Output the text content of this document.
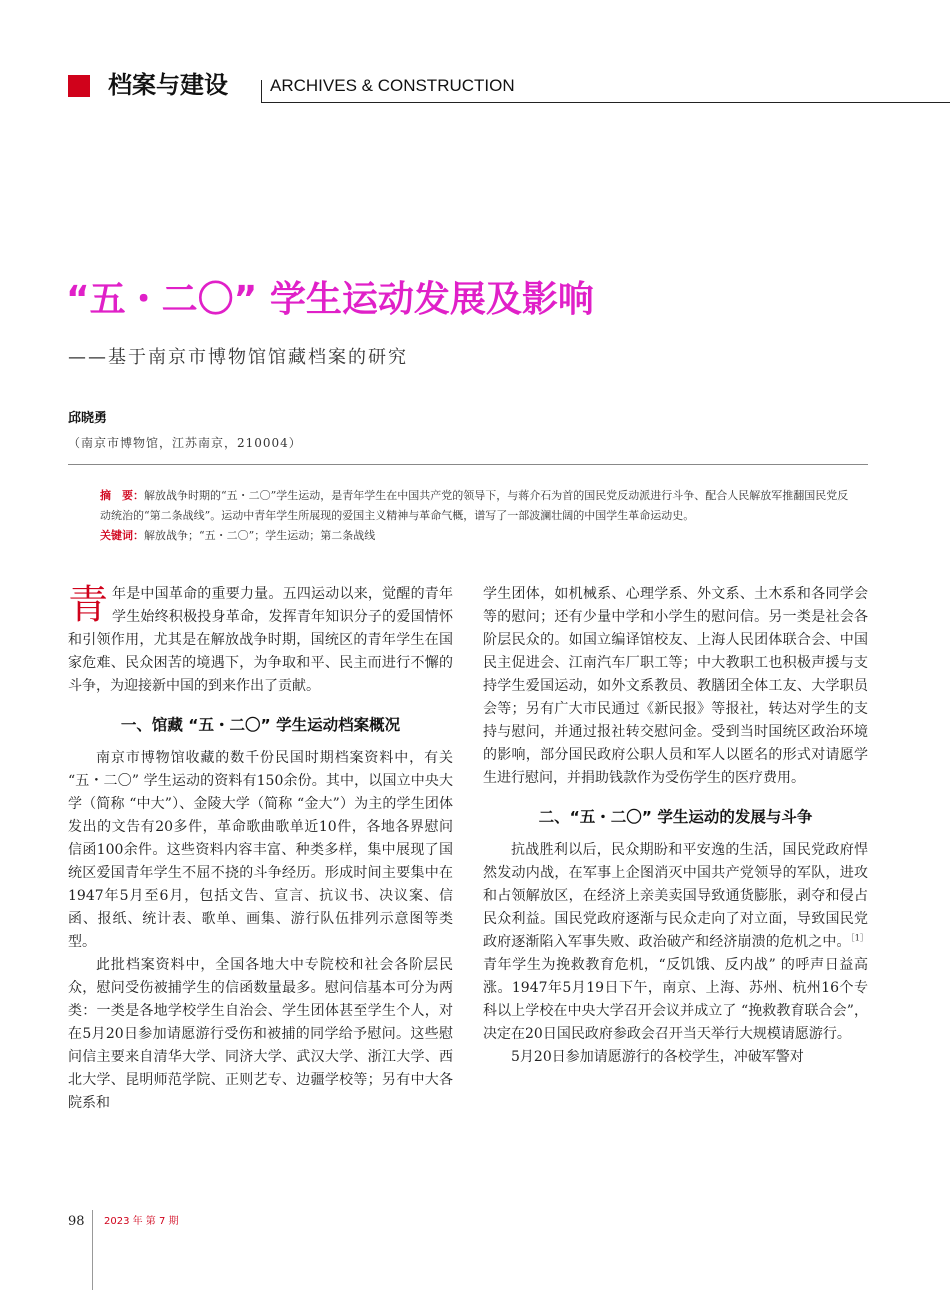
档案与建设 ARCHIVES & CONSTRUCTION
“五・二〇” 学生运动发展及影响
——基于南京市博物馆馆藏档案的研究
邱晓勇
（南京市博物馆，江苏南京，210004）

摘　要：解放战争时期的“五・二〇”学生运动，是青年学生在中国共产党的领导下，与蒋介石为首的国民党反动派进行斗争、配合人民解放军推翻国民党反动统治的“第二条战线”。运动中青年学生所展现的爱国主义精神与革命气概，谱写了一部波澜壮阔的中国学生革命运动史。

关键词：解放战争；“五・二〇”；学生运动；第二条战线

青年是中国革命的重要力量。五四运动以来，觉醒的青年学生始终积极投身革命，发挥青年知识分子的爱国情怀和引领作用，尤其是在解放战争时期，国统区的青年学生在国家危难、民众困苦的境遇下，为争取和平、民主而进行不懈的斗争，为迎接新中国的到来作出了贡献。

一、馆藏 “五・二〇” 学生运动档案概况

南京市博物馆收藏的数千份民国时期档案资料中，有关 “五・二〇” 学生运动的资料有150余份。其中，以国立中央大学（简称 “中大”）、金陵大学（简称 “金大”）为主的学生团体发出的文告有20多件，革命歌曲歌单近10件，各地各界慰问信函100余件。这些资料内容丰富、种类多样，集中展现了国统区爱国青年学生不屈不挠的斗争经历。形成时间主要集中在1947年5月至6月，包括文告、宣言、抗议书、决议案、信函、报纸、统计表、歌单、画集、游行队伍排列示意图等类型。

此批档案资料中，全国各地大中专院校和社会各阶层民众，慰问受伤被捕学生的信函数量最多。慰问信基本可分为两类：一类是各地学校学生自治会、学生团体甚至学生个人，对在5月20日参加请愿游行受伤和被捕的同学给予慰问。这些慰问信主要来自清华大学、同济大学、武汉大学、浙江大学、西北大学、昆明师范学院、正则艺专、边疆学校等；另有中大各院系和

学生团体，如机械系、心理学系、外文系、土木系和各同学会等的慰问；还有少量中学和小学生的慰问信。另一类是社会各阶层民众的。如国立编译馆校友、上海人民团体联合会、中国民主促进会、江南汽车厂职工等；中大教职工也积极声援与支持学生爱国运动，如外文系教员、教膳团全体工友、大学职员会等；另有广大市民通过《新民报》等报社，转达对学生的支持与慰问，并通过报社转交慰问金。受到当时国统区政治环境的影响，部分国民政府公职人员和军人以匿名的形式对请愿学生进行慰问，并捐助钱款作为受伤学生的医疗费用。

二、“五・二〇” 学生运动的发展与斗争

抗战胜利以后，民众期盼和平安逸的生活，国民党政府悍然发动内战，在军事上企图消灭中国共产党领导的军队，进攻和占领解放区，在经济上亲美卖国导致通货膨胀，剥夺和侵占民众利益。国民党政府逐渐与民众走向了对立面，导致国民党政府逐渐陷入军事失败、政治破产和经济崩溃的危机之中。$^{[1]}$青年学生为挽救教育危机，“反饥饿、反内战” 的呼声日益高涨。1947年5月19日下午，南京、上海、苏州、杭州16个专科以上学校在中央大学召开会议并成立了 “挽救教育联合会”，决定在20日国民政府参政会召开当天举行大规模请愿游行。

5月20日参加请愿游行的各校学生，冲破军警对

98 2023 年 第 7 期
